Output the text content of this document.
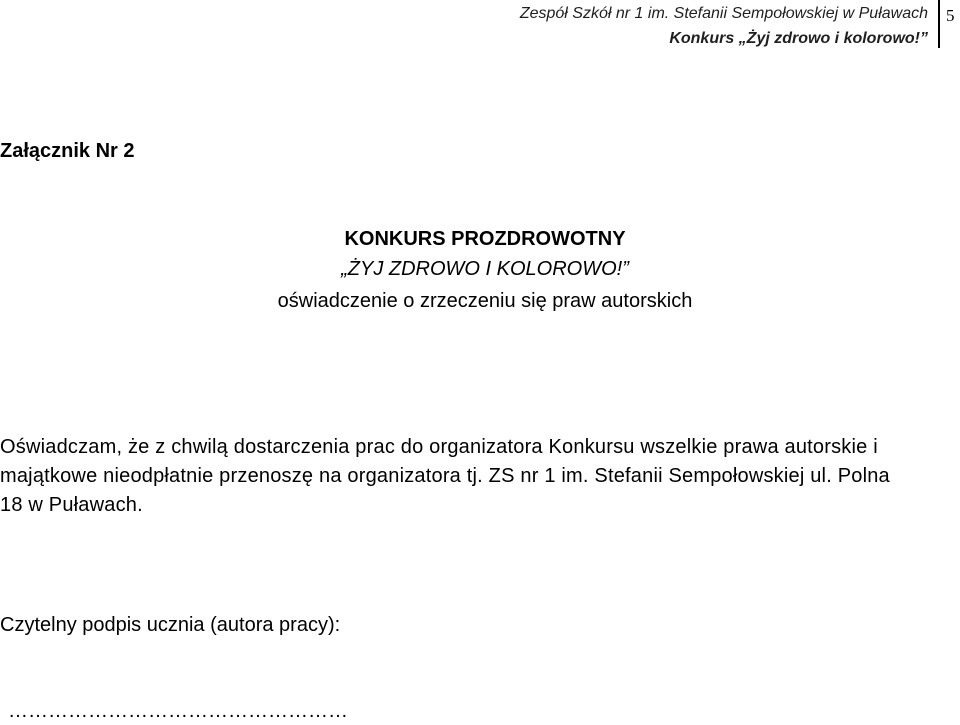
Zespół Szkół nr 1 im. Stefanii Sempołowskiej w Puławach
Konkurs „Żyj zdrowo i kolorowo!”
5
Załącznik Nr 2
KONKURS PROZDROWOTNY
„ŻYJ ZDROWO I KOLOROWO!”
oświadczenie o zrzeczeniu się praw autorskich
Oświadczam, że z chwilą dostarczenia prac do organizatora Konkursu wszelkie prawa autorskie i majątkowe nieodpłatnie przenoszę na organizatora tj. ZS nr 1 im. Stefanii Sempołowskiej ul. Polna 18 w Puławach.
Czytelny podpis ucznia (autora pracy):
……………………………………………
